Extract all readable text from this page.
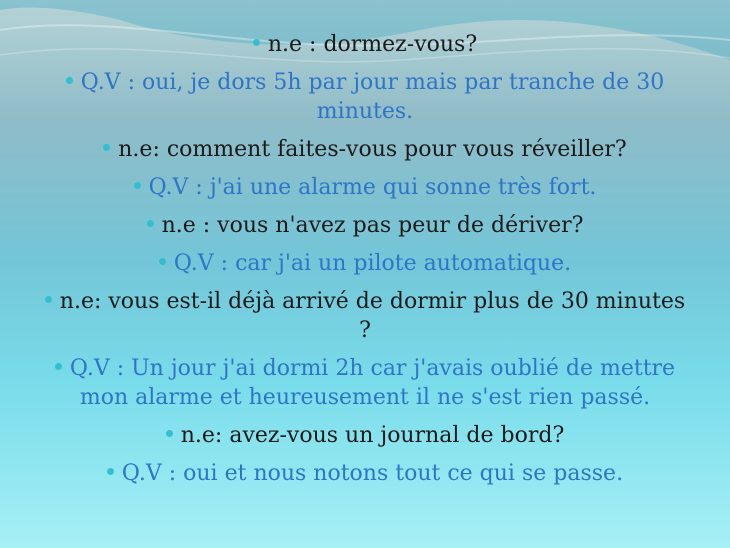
n.e : dormez-vous?

Q.V : oui, je dors 5h par jour mais par tranche de 30 minutes.

n.e: comment faites-vous pour vous réveiller?

Q.V : j'ai une alarme qui sonne très fort.

n.e : vous n'avez pas peur de dériver?

Q.V : car j'ai un pilote automatique.

n.e: vous est-il déjà arrivé de dormir plus de 30 minutes ?

Q.V : Un jour j'ai dormi 2h car j'avais oublié de mettre mon alarme et heureusement il ne s'est rien passé.

n.e: avez-vous un journal de bord?

Q.V : oui et nous notons tout ce qui se passe.
